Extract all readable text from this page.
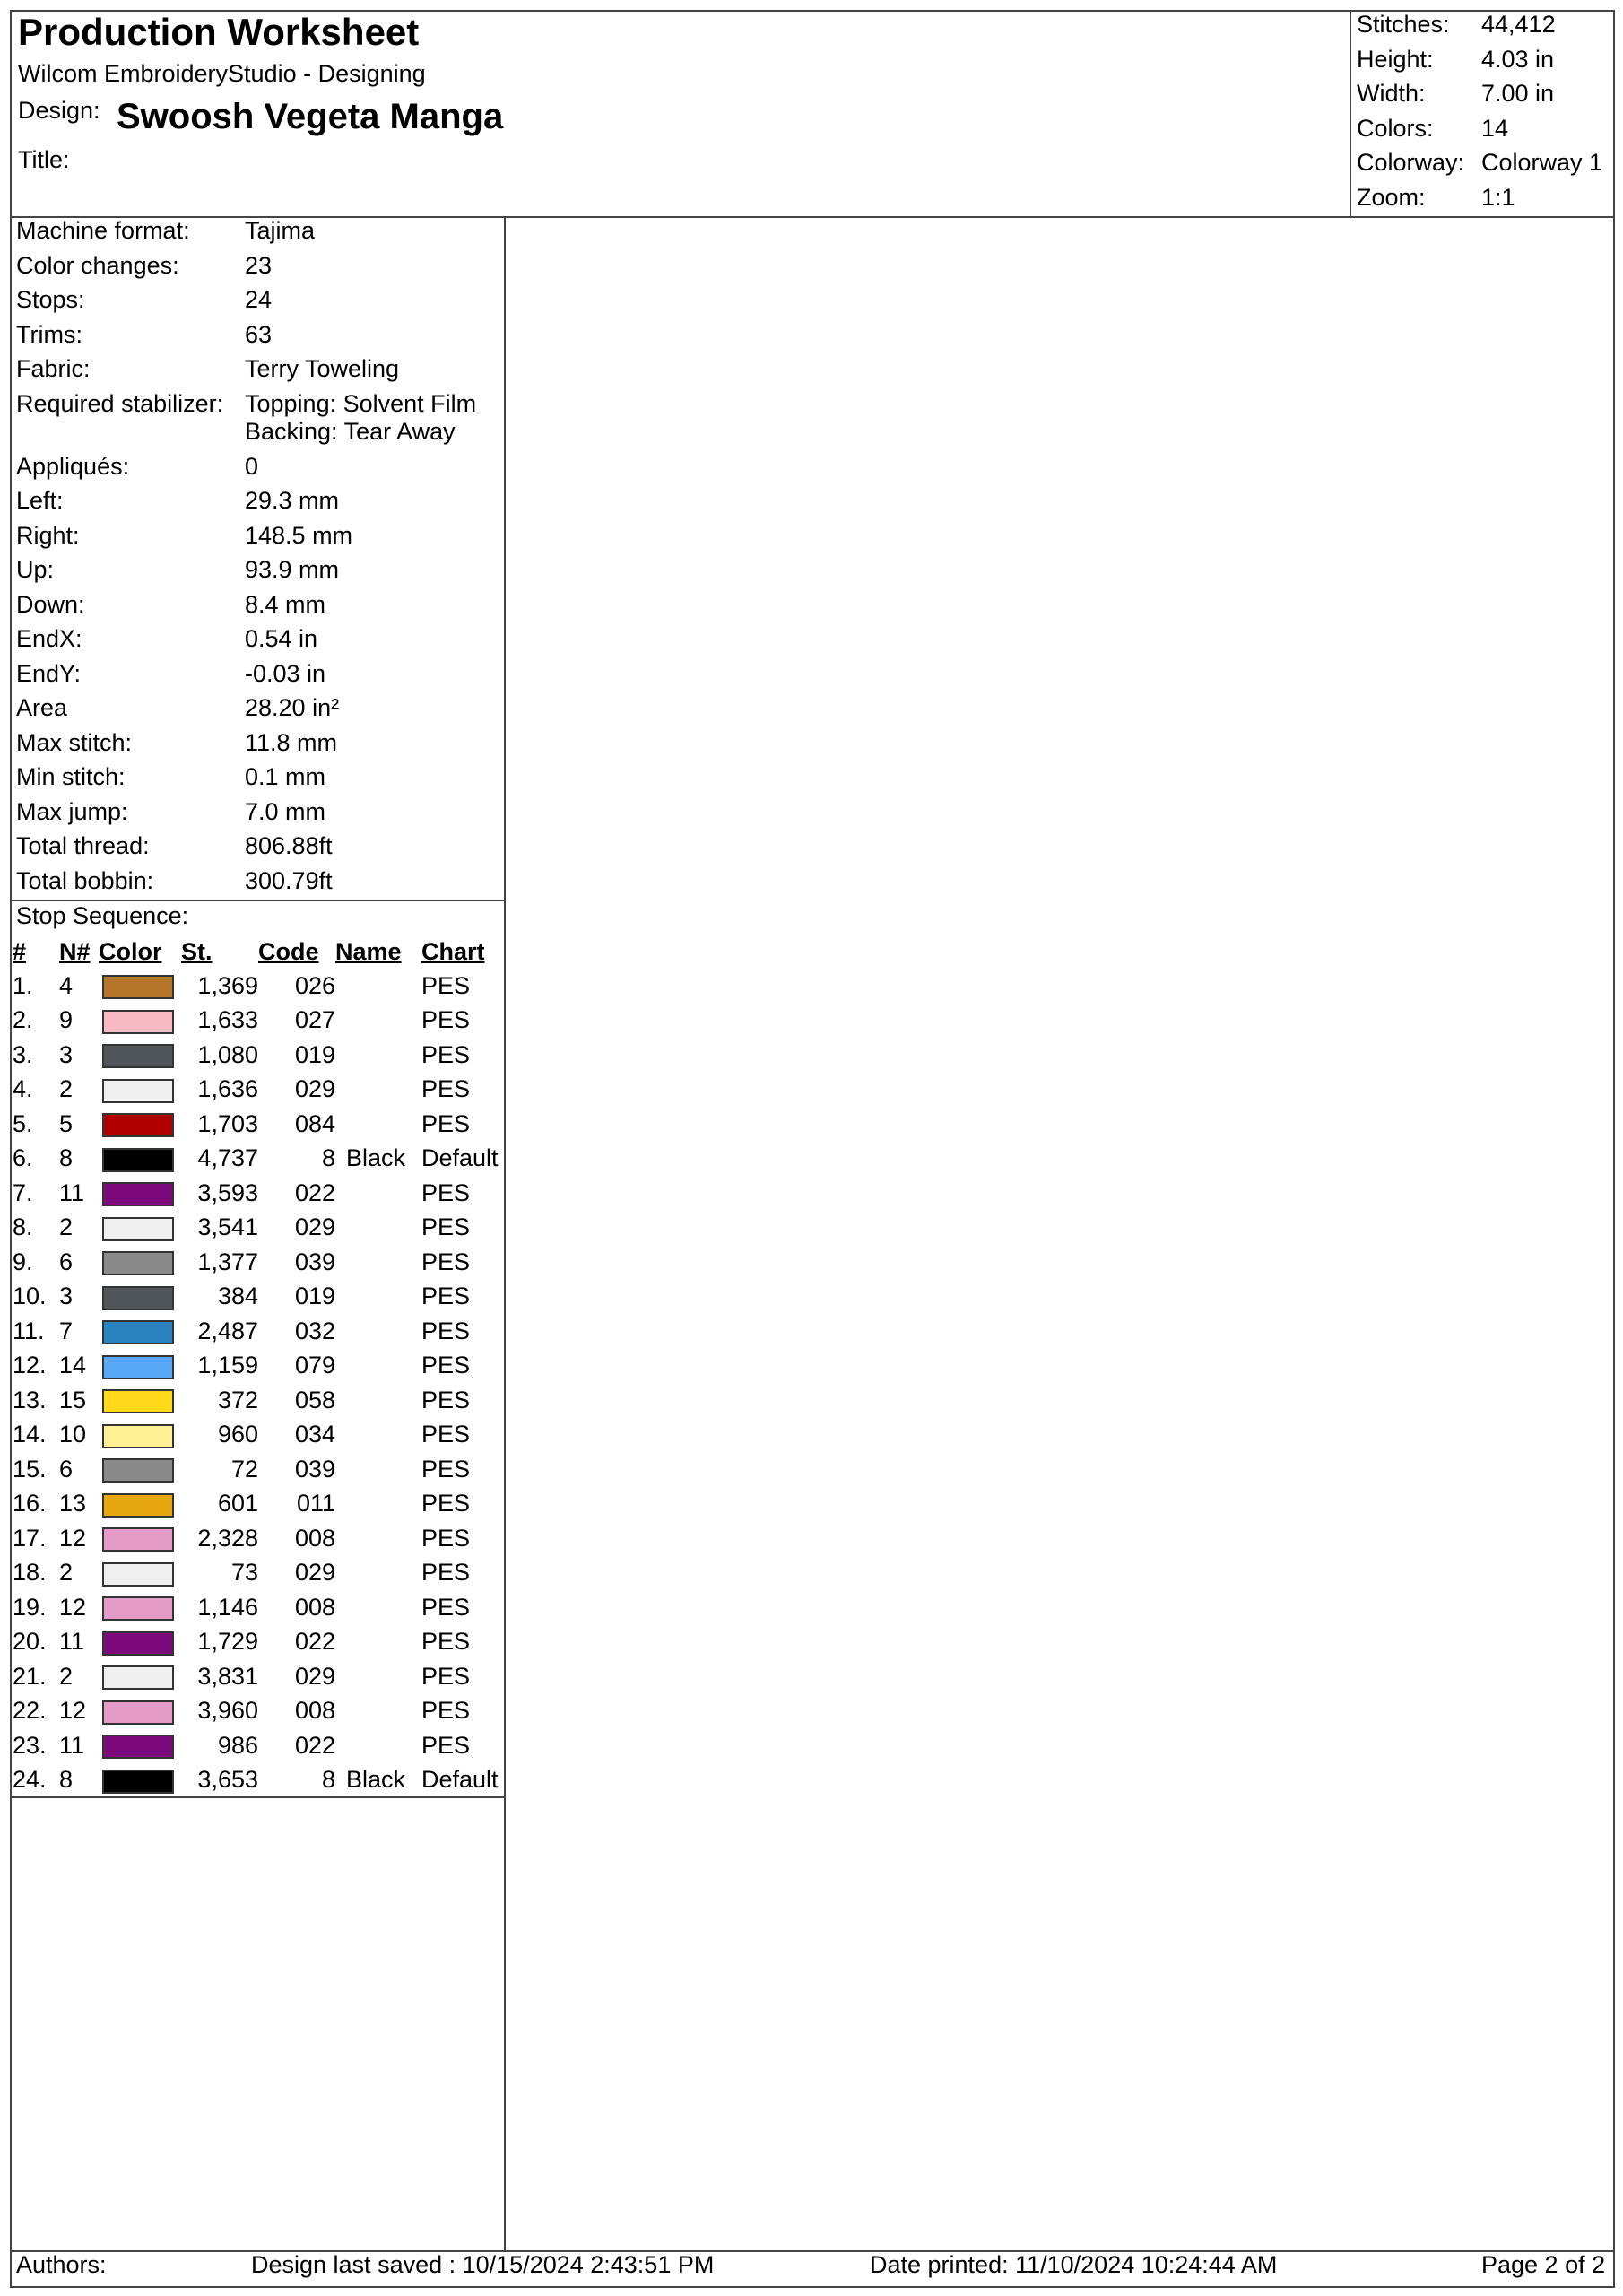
Production Worksheet
Wilcom EmbroideryStudio - Designing
Design: Swoosh Vegeta Manga
Title:
Stitches: 44,412
Height: 4.03 in
Width: 7.00 in
Colors: 14
Colorway: Colorway 1
Zoom: 1:1
Machine format: Tajima
Color changes:	23
Stops:	24
Trims:	63
Fabric:	Terry Toweling
Required stabilizer: Topping: Solvent Film
Backing: Tear Away
Appliqués:	0
Left:	29.3 mm
Right:	148.5 mm
Up:	93.9 mm
Down:	8.4 mm
EndX:	0.54 in
EndY:	-0.03 in
Area	28.20 in²
Max stitch:	11.8 mm
Min stitch:	0.1 mm
Max jump:	7.0 mm
Total thread:	806.88ft
Total bobbin:	300.79ft
Stop Sequence:
#	N#	Color	St.	Code	Name	Chart
1.	4		1,369	026		PES
2.	9		1,633	027		PES
3.	3		1,080	019		PES
4.	2		1,636	029		PES
5.	5		1,703	084		PES
6.	8		4,737	8	Black	Default
7.	11		3,593	022		PES
8.	2		3,541	029		PES
9.	6		1,377	039		PES
10.	3		384	019		PES
11.	7		2,487	032		PES
12.	14		1,159	079		PES
13.	15		372	058		PES
14.	10		960	034		PES
15.	6		72	039		PES
16.	13		601	011		PES
17.	12		2,328	008		PES
18.	2		73	029		PES
19.	12		1,146	008		PES
20.	11		1,729	022		PES
21.	2		3,831	029		PES
22.	12		3,960	008		PES
23.	11		986	022		PES
24.	8		3,653	8	Black	Default
Authors:	Design last saved : 10/15/2024 2:43:51 PM	Date printed: 11/10/2024 10:24:44 AM	Page 2 of 2
